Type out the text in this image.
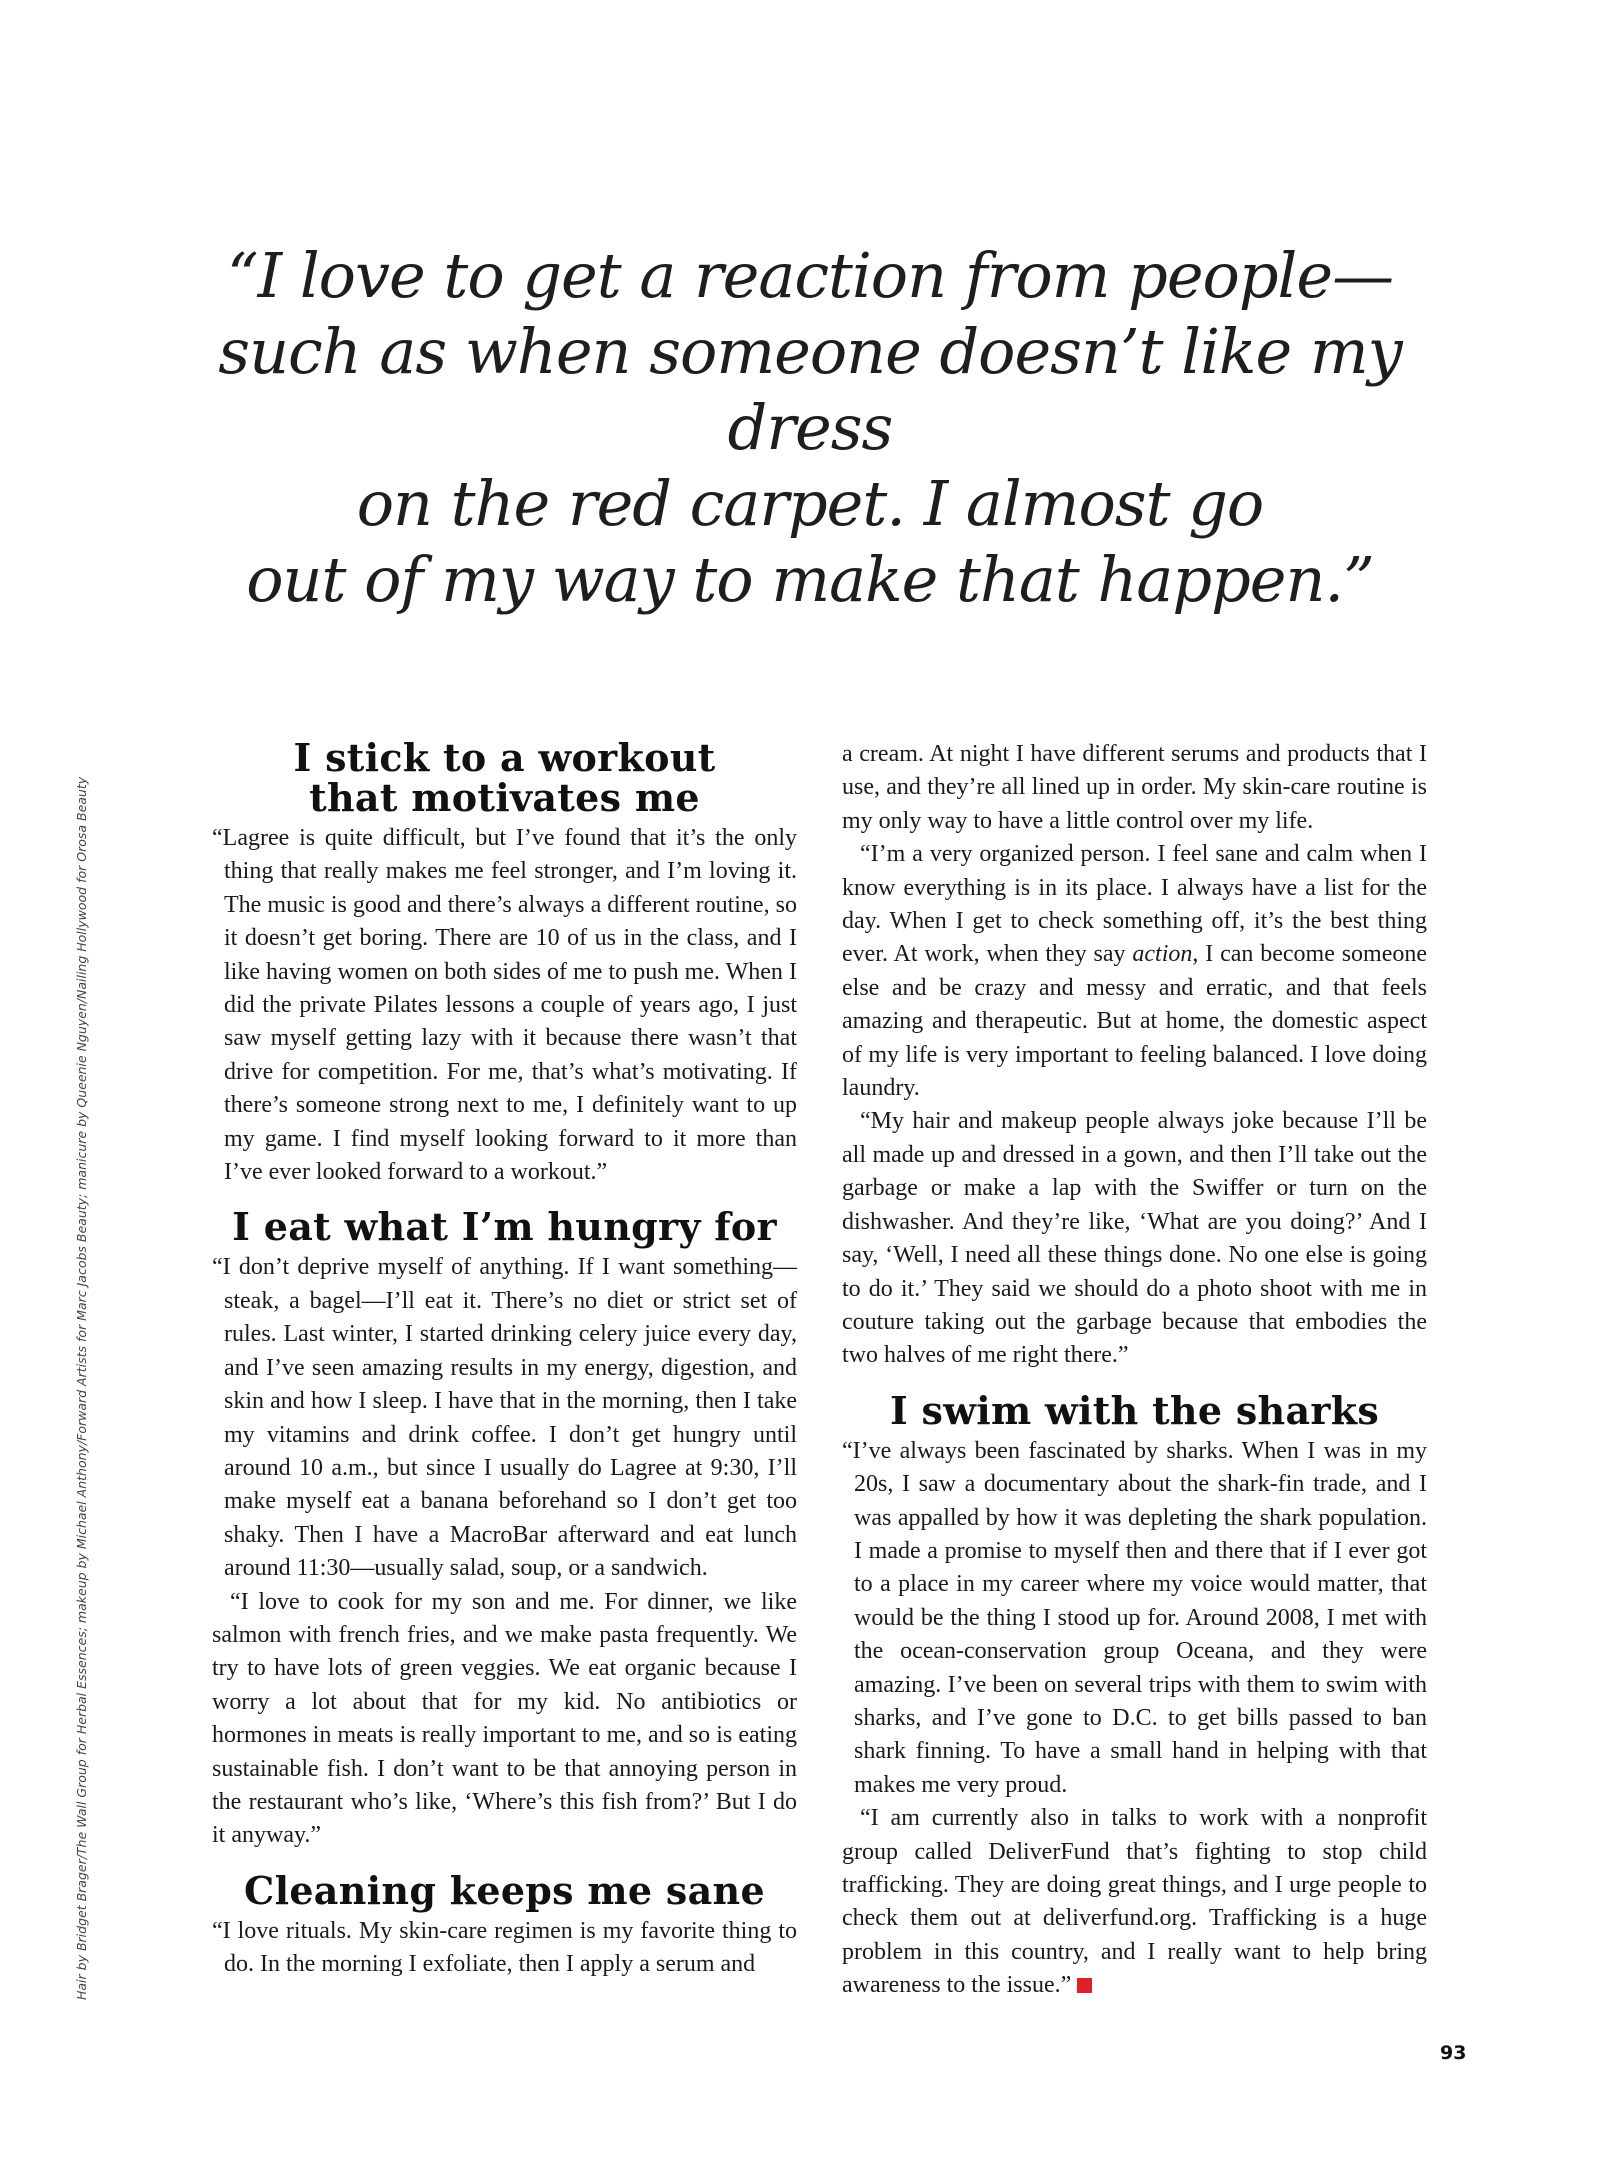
“I love to get a reaction from people—
such as when someone doesn’t like my dress
on the red carpet. I almost go
out of my way to make that happen.”
Hair by Bridget Brager/The Wall Group for Herbal Essences; makeup by Michael Anthony/Forward Artists for Marc Jacobs Beauty; manicure by Queenie Nguyen/Nailing Hollywood for Orosa Beauty
I stick to a workout
that motivates me

“Lagree is quite difficult, but I’ve found that it’s the only thing that really makes me feel stronger, and I’m loving it. The music is good and there’s always a different routine, so it doesn’t get boring. There are 10 of us in the class, and I like having women on both sides of me to push me. When I did the private Pilates lessons a couple of years ago, I just saw myself getting lazy with it because there wasn’t that drive for competition. For me, that’s what’s motivating. If there’s someone strong next to me, I definitely want to up my game. I find myself looking forward to it more than I’ve ever looked forward to a workout.”

I eat what I’m hungry for

“I don’t deprive myself of anything. If I want something—steak, a bagel—I’ll eat it. There’s no diet or strict set of rules. Last winter, I started drinking celery juice every day, and I’ve seen amazing results in my energy, digestion, and skin and how I sleep. I have that in the morning, then I take my vitamins and drink coffee. I don’t get hungry until around 10 a.m., but since I usually do Lagree at 9:30, I’ll make myself eat a banana beforehand so I don’t get too shaky. Then I have a MacroBar afterward and eat lunch around 11:30—usually salad, soup, or a sandwich.

“I love to cook for my son and me. For dinner, we like salmon with french fries, and we make pasta frequently. We try to have lots of green veggies. We eat organic because I worry a lot about that for my kid. No antibiotics or hormones in meats is really important to me, and so is eating sustainable fish. I don’t want to be that annoying person in the restaurant who’s like, ‘Where’s this fish from?’ But I do it anyway.”

Cleaning keeps me sane

“I love rituals. My skin-care regimen is my favorite thing to do. In the morning I exfoliate, then I apply a serum and

a cream. At night I have different serums and products that I use, and they’re all lined up in order. My skin-care routine is my only way to have a little control over my life.

“I’m a very organized person. I feel sane and calm when I know everything is in its place. I always have a list for the day. When I get to check something off, it’s the best thing ever. At work, when they say action, I can become someone else and be crazy and messy and erratic, and that feels amazing and therapeutic. But at home, the domestic aspect of my life is very important to feeling balanced. I love doing laundry.

“My hair and makeup people always joke because I’ll be all made up and dressed in a gown, and then I’ll take out the garbage or make a lap with the Swiffer or turn on the dishwasher. And they’re like, ‘What are you doing?’ And I say, ‘Well, I need all these things done. No one else is going to do it.’ They said we should do a photo shoot with me in couture taking out the garbage because that embodies the two halves of me right there.”

I swim with the sharks

“I’ve always been fascinated by sharks. When I was in my 20s, I saw a documentary about the shark-fin trade, and I was appalled by how it was depleting the shark population. I made a promise to myself then and there that if I ever got to a place in my career where my voice would matter, that would be the thing I stood up for. Around 2008, I met with the ocean-conservation group Oceana, and they were amazing. I’ve been on several trips with them to swim with sharks, and I’ve gone to D.C. to get bills passed to ban shark finning. To have a small hand in helping with that makes me very proud.

“I am currently also in talks to work with a nonprofit group called DeliverFund that’s fighting to stop child trafficking. They are doing great things, and I urge people to check them out at deliverfund.org. Trafficking is a huge problem in this country, and I really want to help bring awareness to the issue.”

93
